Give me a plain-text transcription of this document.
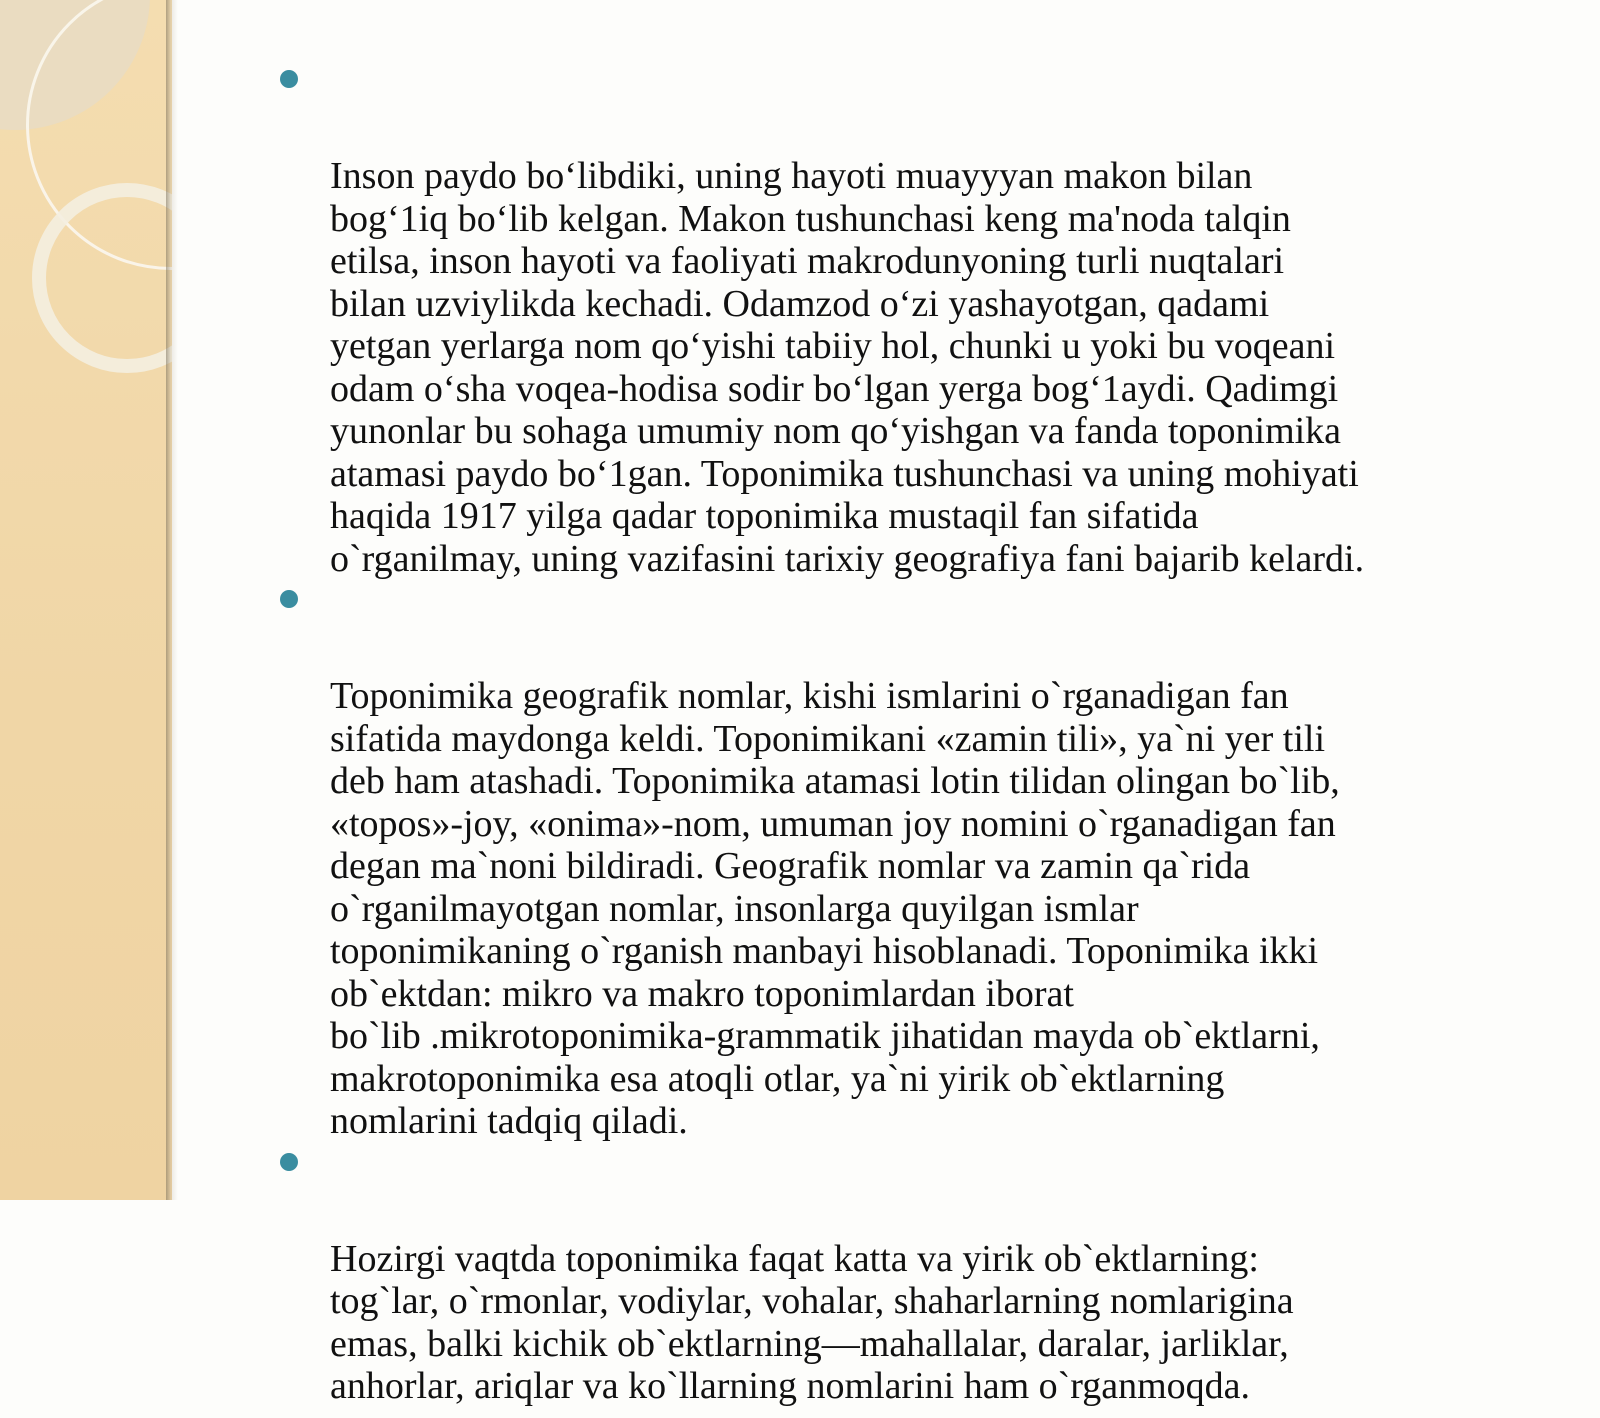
Inson paydo bo‘libdiki, uning hayoti muayyyan makon bilan
bog‘1iq bo‘lib kelgan. Makon tushunchasi keng ma'noda talqin
etilsa, inson hayoti va faoliyati makrodunyoning turli nuqtalari
bilan uzviylikda kechadi. Odamzod o‘zi yashayotgan, qadami
yetgan yerlarga nom qo‘yishi tabiiy hol, chunki u yoki bu voqeani
odam o‘sha voqea-hodisa sodir bo‘lgan yerga bog‘1aydi. Qadimgi
yunonlar bu sohaga umumiy nom qo‘yishgan va fanda toponimika
atamasi paydo bo‘1gan. Toponimika tushunchasi va uning mohiyati
haqida 1917 yilga qadar toponimika mustaqil fan sifatida
o`rganilmay, uning vazifasini tarixiy geografiya fani bajarib kelardi.

Toponimika geografik nomlar, kishi ismlarini o`rganadigan fan
sifatida maydonga keldi. Toponimikani «zamin tili», ya`ni yer tili
deb ham atashadi. Toponimika atamasi lotin tilidan olingan bo`lib,
«topos»-joy, «onima»-nom, umuman joy nomini o`rganadigan fan
degan ma`noni bildiradi. Geografik nomlar va zamin qa`rida
o`rganilmayotgan nomlar, insonlarga quyilgan ismlar
toponimikaning o`rganish manbayi hisoblanadi. Toponimika ikki
ob`ektdan: mikro va makro toponimlardan iborat
bo`lib .mikrotoponimika-grammatik jihatidan mayda ob`ektlarni,
makrotoponimika esa atoqli otlar, ya`ni yirik ob`ektlarning
nomlarini tadqiq qiladi.

Hozirgi vaqtda toponimika faqat katta va yirik ob`ektlarning:
tog`lar, o`rmonlar, vodiylar, vohalar, shaharlarning nomlarigina
emas, balki kichik ob`ektlarning—mahallalar, daralar, jarliklar,
anhorlar, ariqlar va ko`llarning nomlarini ham o`rganmoqda.
